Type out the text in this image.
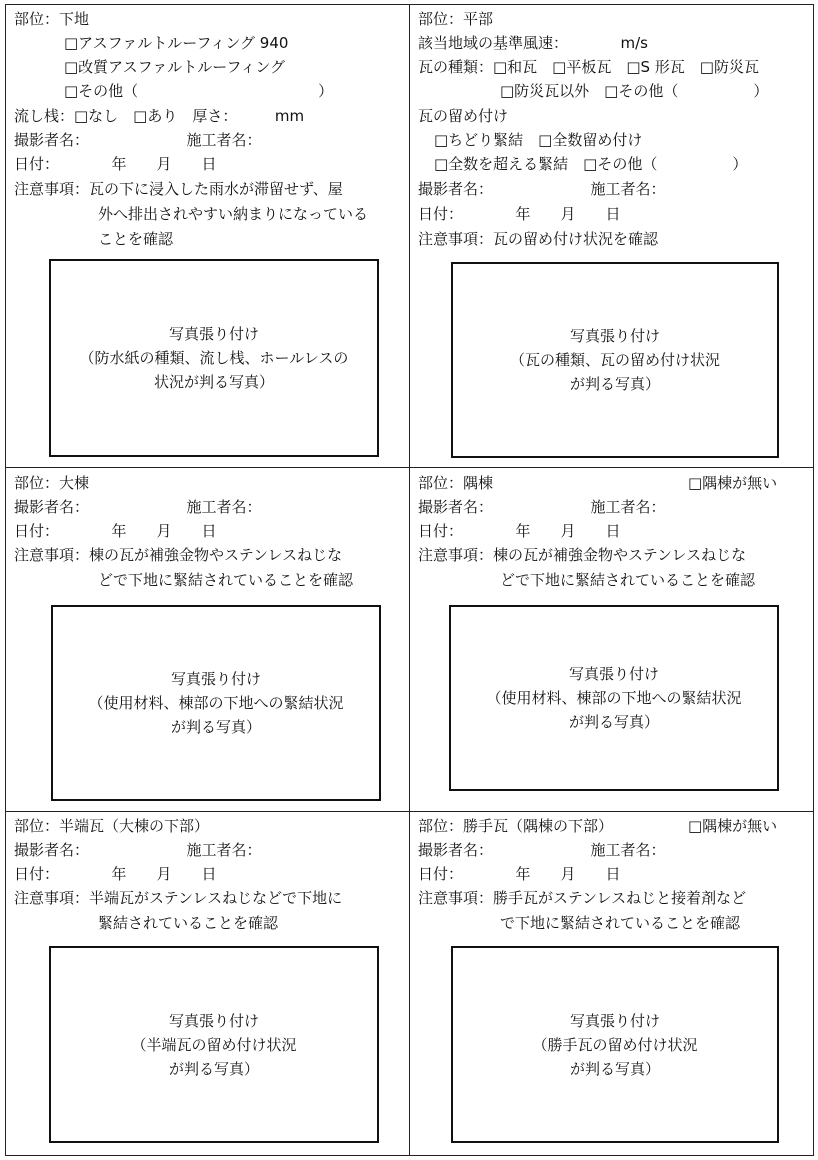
部位：下地
□アスファルトルーフィング 940
□改質アスファルトルーフィング
□その他（　　　　　　　　　　　　）
流し桟：□なし　□あり　厚さ：　　　mm
撮影者名：　　　　　　　施工者名：
日付：　　　　年　　月　　日
注意事項：瓦の下に浸入した雨水が滞留せず、屋
外へ排出されやすい納まりになっている
ことを確認
写真張り付け
（防水紙の種類、流し桟、ホールレスの
状況が判る写真）
部位：平部
該当地域の基準風速：　　　　m/s
瓦の種類：□和瓦　□平板瓦　□S 形瓦　□防災瓦
□防災瓦以外　□その他（　　　　　）
瓦の留め付け
□ちどり緊結　□全数留め付け
□全数を超える緊結　□その他（　　　　　）
撮影者名：　　　　　　　施工者名：
日付：　　　　年　　月　　日
注意事項：瓦の留め付け状況を確認
写真張り付け
（瓦の種類、瓦の留め付け状況
が判る写真）
部位：大棟
撮影者名：　　　　　　　施工者名：
日付：　　　　年　　月　　日
注意事項：棟の瓦が補強金物やステンレスねじな
どで下地に緊結されていることを確認
写真張り付け
（使用材料、棟部の下地への緊結状況
が判る写真）
部位：隅棟	□隅棟が無い
撮影者名：　　　　　　　施工者名：
日付：　　　　年　　月　　日
注意事項：棟の瓦が補強金物やステンレスねじな
どで下地に緊結されていることを確認
写真張り付け
（使用材料、棟部の下地への緊結状況
が判る写真）
部位：半端瓦（大棟の下部）
撮影者名：　　　　　　　施工者名：
日付：　　　　年　　月　　日
注意事項：半端瓦がステンレスねじなどで下地に
緊結されていることを確認
写真張り付け
（半端瓦の留め付け状況
が判る写真）
部位：勝手瓦（隅棟の下部）	□隅棟が無い
撮影者名：　　　　　　　施工者名：
日付：　　　　年　　月　　日
注意事項：勝手瓦がステンレスねじと接着剤など
で下地に緊結されていることを確認
写真張り付け
（勝手瓦の留め付け状況
が判る写真）
